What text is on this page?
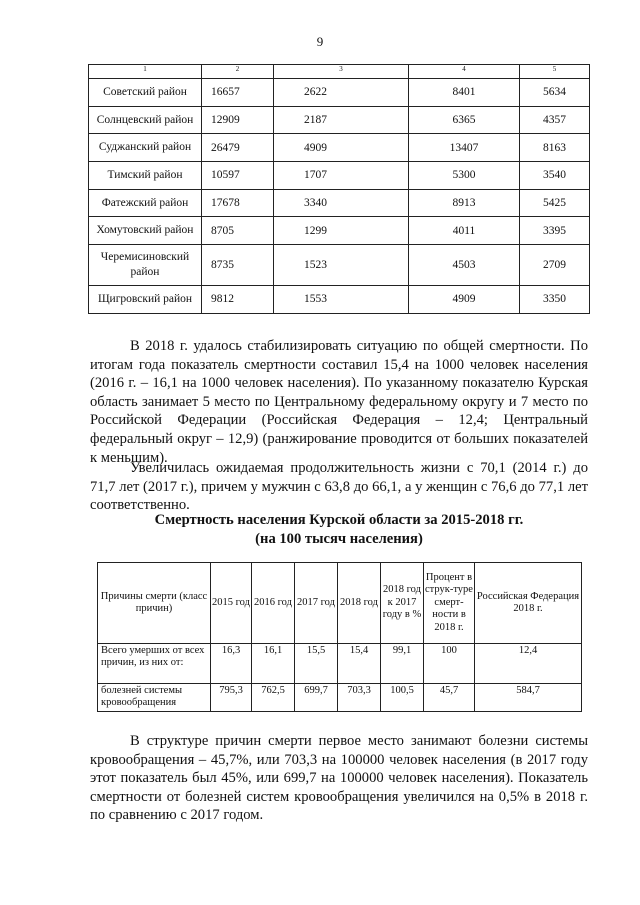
9
1	2	3	4	5
Советский район	16657	2622	8401	5634
Солнцевский район	12909	2187	6365	4357
Суджанский район	26479	4909	13407	8163
Тимский район	10597	1707	5300	3540
Фатежский район	17678	3340	8913	5425
Хомутовский район	8705	1299	4011	3395
Черемисиновский район	8735	1523	4503	2709
Щигровский район	9812	1553	4909	3350

В 2018 г. удалось стабилизировать ситуацию по общей смертности. По итогам года показатель смертности составил 15,4 на 1000 человек населения (2016 г. – 16,1 на 1000 человек населения). По указанному показателю Курская область занимает 5 место по Центральному федеральному округу и 7 место по Российской Федерации (Российская Федерация – 12,4; Центральный федеральный округ – 12,9) (ранжирование проводится от больших показателей к меньшим).

Увеличилась ожидаемая продолжительность жизни с 70,1 (2014 г.) до 71,7 лет (2017 г.), причем у мужчин с 63,8 до 66,1, а у женщин с 76,6 до 77,1 лет соответственно.

Смертность населения Курской области за 2015-2018 гг.
(на 100 тысяч населения)
Причины смерти (класс причин)	2015 год	2016 год	2017 год	2018 год	2018 год к 2017 году в %	Процент в струк-туре смерт-ности в 2018 г.	Российская Федерация 2018 г.
Всего умерших от всех причин, из них от:	16,3	16,1	15,5	15,4	99,1	100	12,4
болезней системы кровообращения	795,3	762,5	699,7	703,3	100,5	45,7	584,7

В структуре причин смерти первое место занимают болезни системы кровообращения – 45,7%, или 703,3 на 100000 человек населения (в 2017 году этот показатель был 45%, или 699,7 на 100000 человек населения). Показатель смертности от болезней систем кровообращения увеличился на 0,5% в 2018 г. по сравнению с 2017 годом.
